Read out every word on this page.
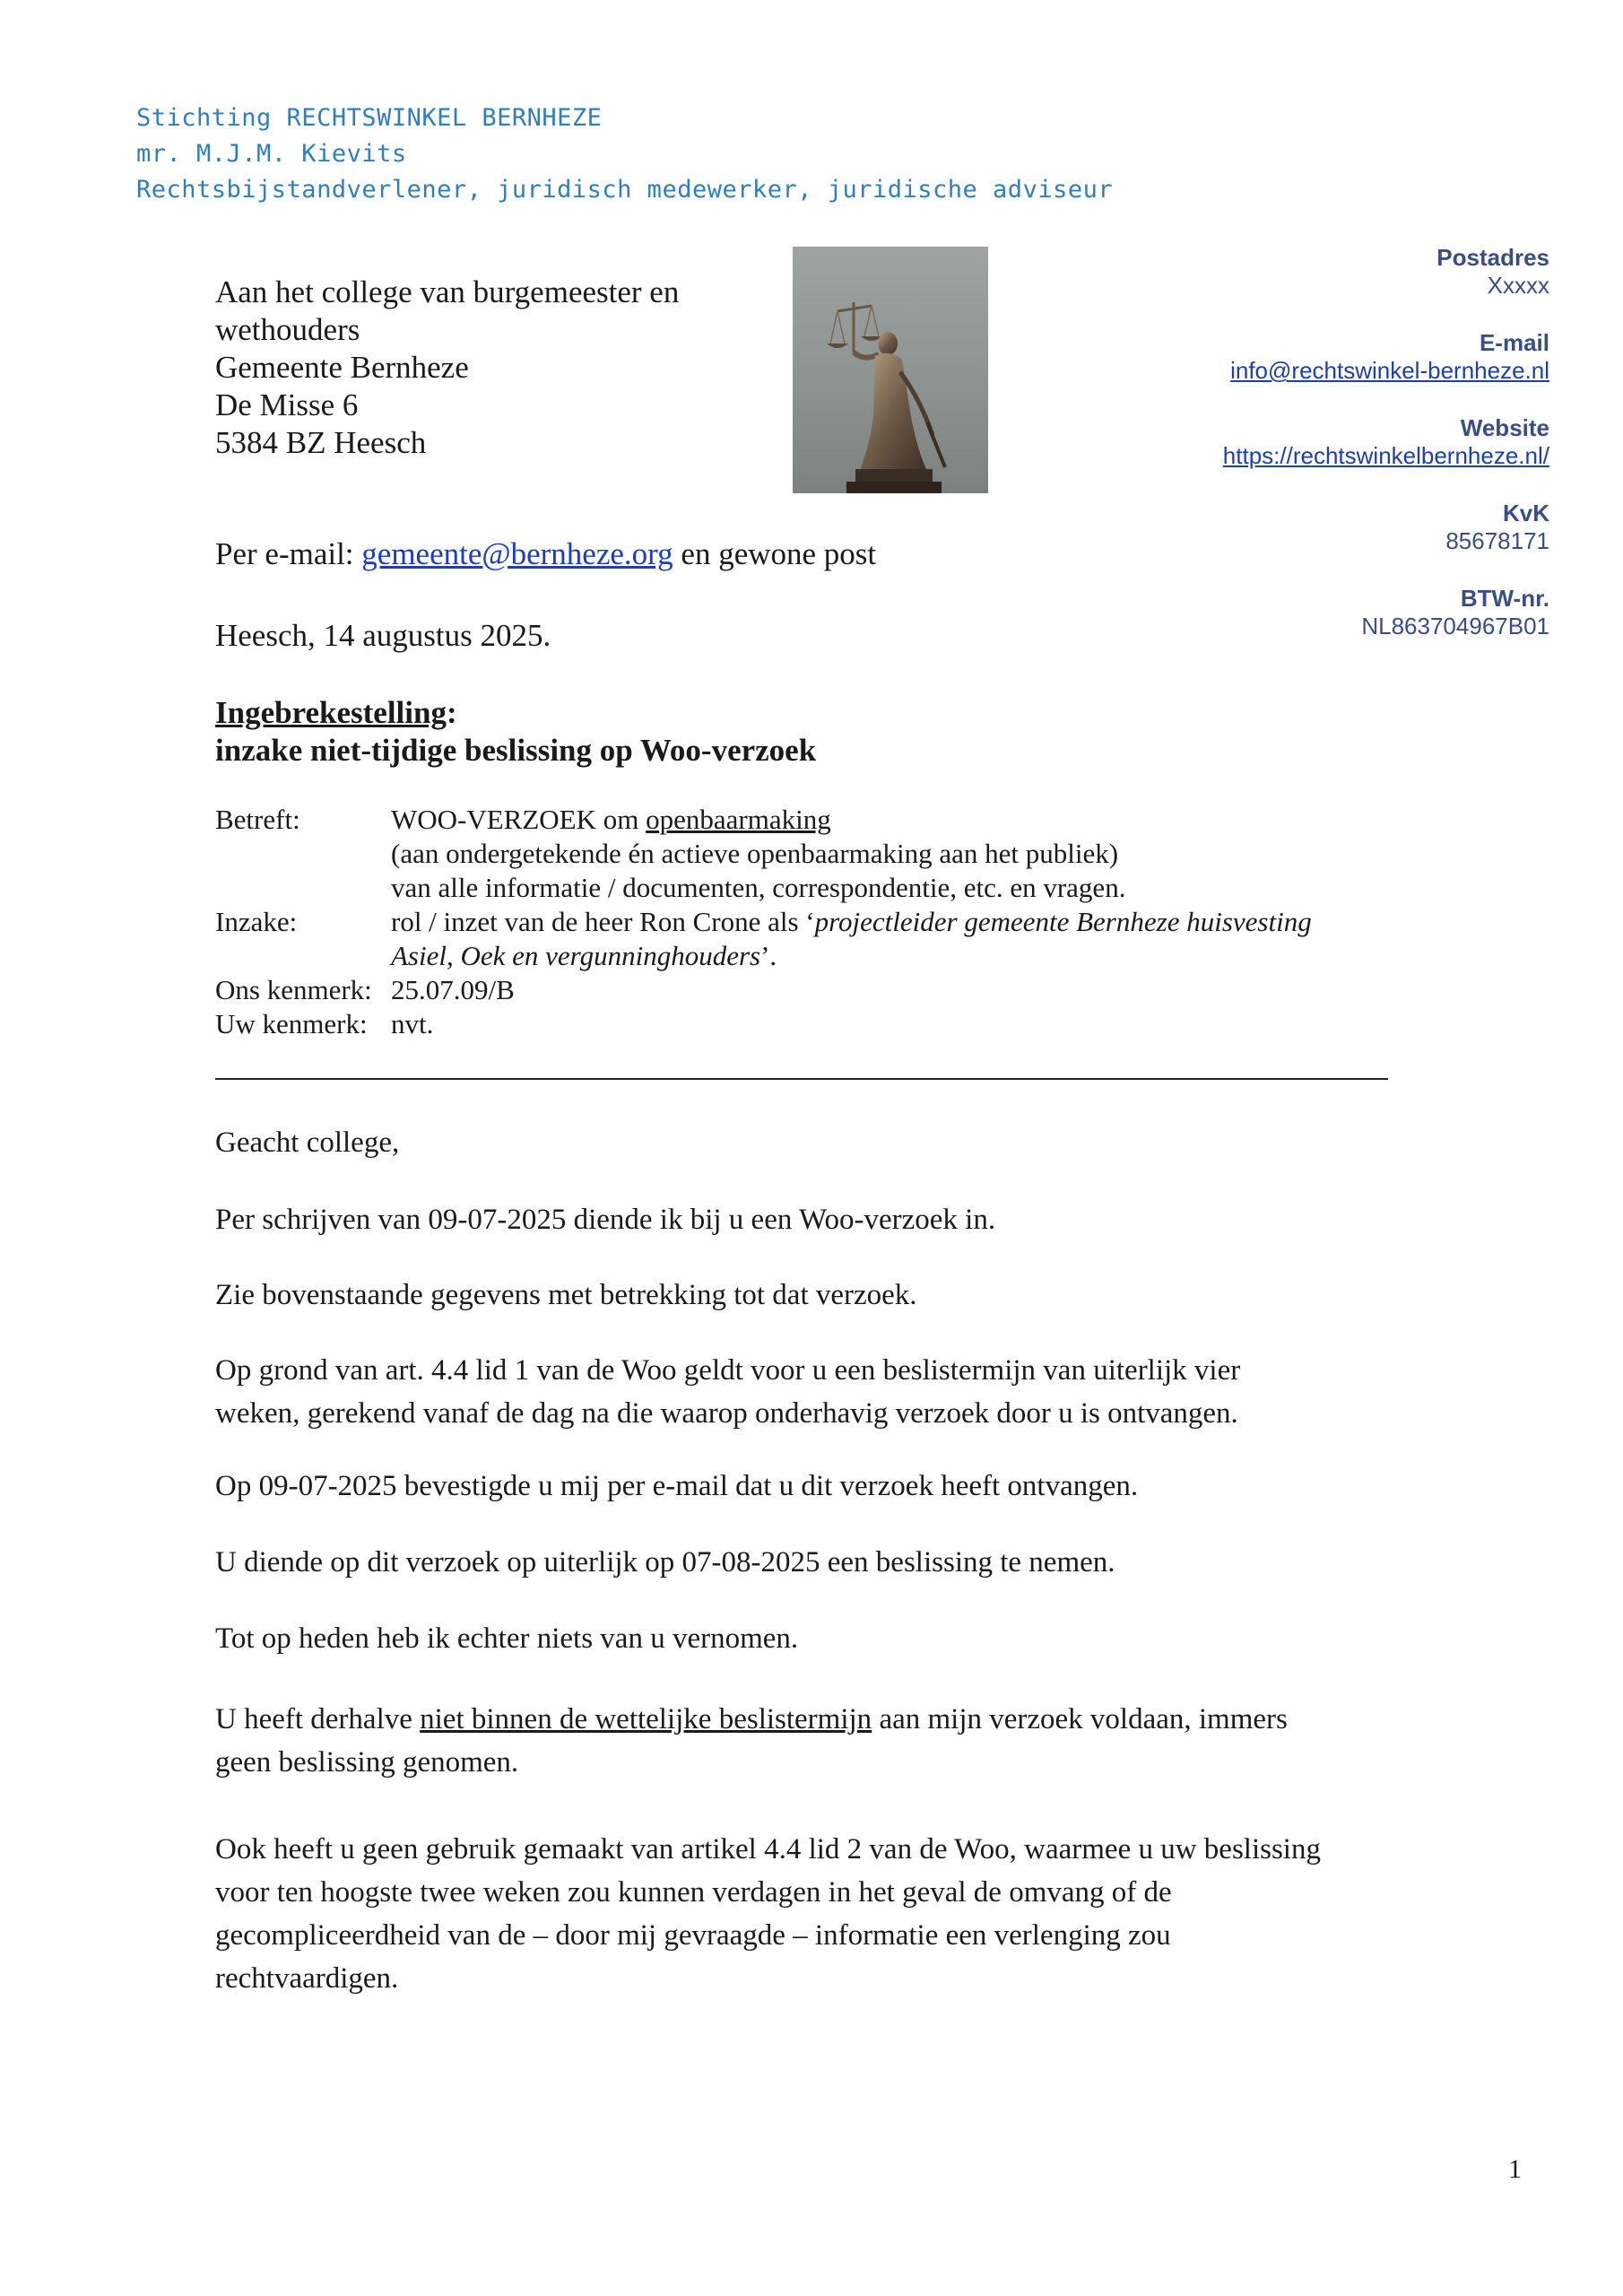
Stichting RECHTSWINKEL BERNHEZE
mr. M.J.M. Kievits
Rechtsbijstandverlener, juridisch medewerker, juridische adviseur
Aan het college van burgemeester en
wethouders
Gemeente Bernheze
De Misse 6
5384 BZ Heesch
Postadres
Xxxxx
E-mail
info@rechtswinkel-bernheze.nl
Website
https://rechtswinkelbernheze.nl/
KvK
85678171
BTW-nr.
NL863704967B01
Per e-mail: gemeente@bernheze.org en gewone post
Heesch, 14 augustus 2025.
Ingebrekestelling:
inzake niet-tijdige beslissing op Woo-verzoek
Betreft:	WOO-VERZOEK om openbaarmaking
(aan ondergetekende én actieve openbaarmaking aan het publiek)
van alle informatie / documenten, correspondentie, etc. en vragen.
Inzake:	rol / inzet van de heer Ron Crone als ‘projectleider gemeente Bernheze huisvesting
Asiel, Oek en vergunninghouders’.
Ons kenmerk: 25.07.09/B
Uw kenmerk: nvt.
Geacht college,
Per schrijven van 09-07-2025 diende ik bij u een Woo-verzoek in.
Zie bovenstaande gegevens met betrekking tot dat verzoek.
Op grond van art. 4.4 lid 1 van de Woo geldt voor u een beslistermijn van uiterlijk vier
weken, gerekend vanaf de dag na die waarop onderhavig verzoek door u is ontvangen.
Op 09-07-2025 bevestigde u mij per e-mail dat u dit verzoek heeft ontvangen.
U diende op dit verzoek op uiterlijk op 07-08-2025 een beslissing te nemen.
Tot op heden heb ik echter niets van u vernomen.
U heeft derhalve niet binnen de wettelijke beslistermijn aan mijn verzoek voldaan, immers
geen beslissing genomen.
Ook heeft u geen gebruik gemaakt van artikel 4.4 lid 2 van de Woo, waarmee u uw beslissing
voor ten hoogste twee weken zou kunnen verdagen in het geval de omvang of de
gecompliceerdheid van de – door mij gevraagde – informatie een verlenging zou
rechtvaardigen.
1
